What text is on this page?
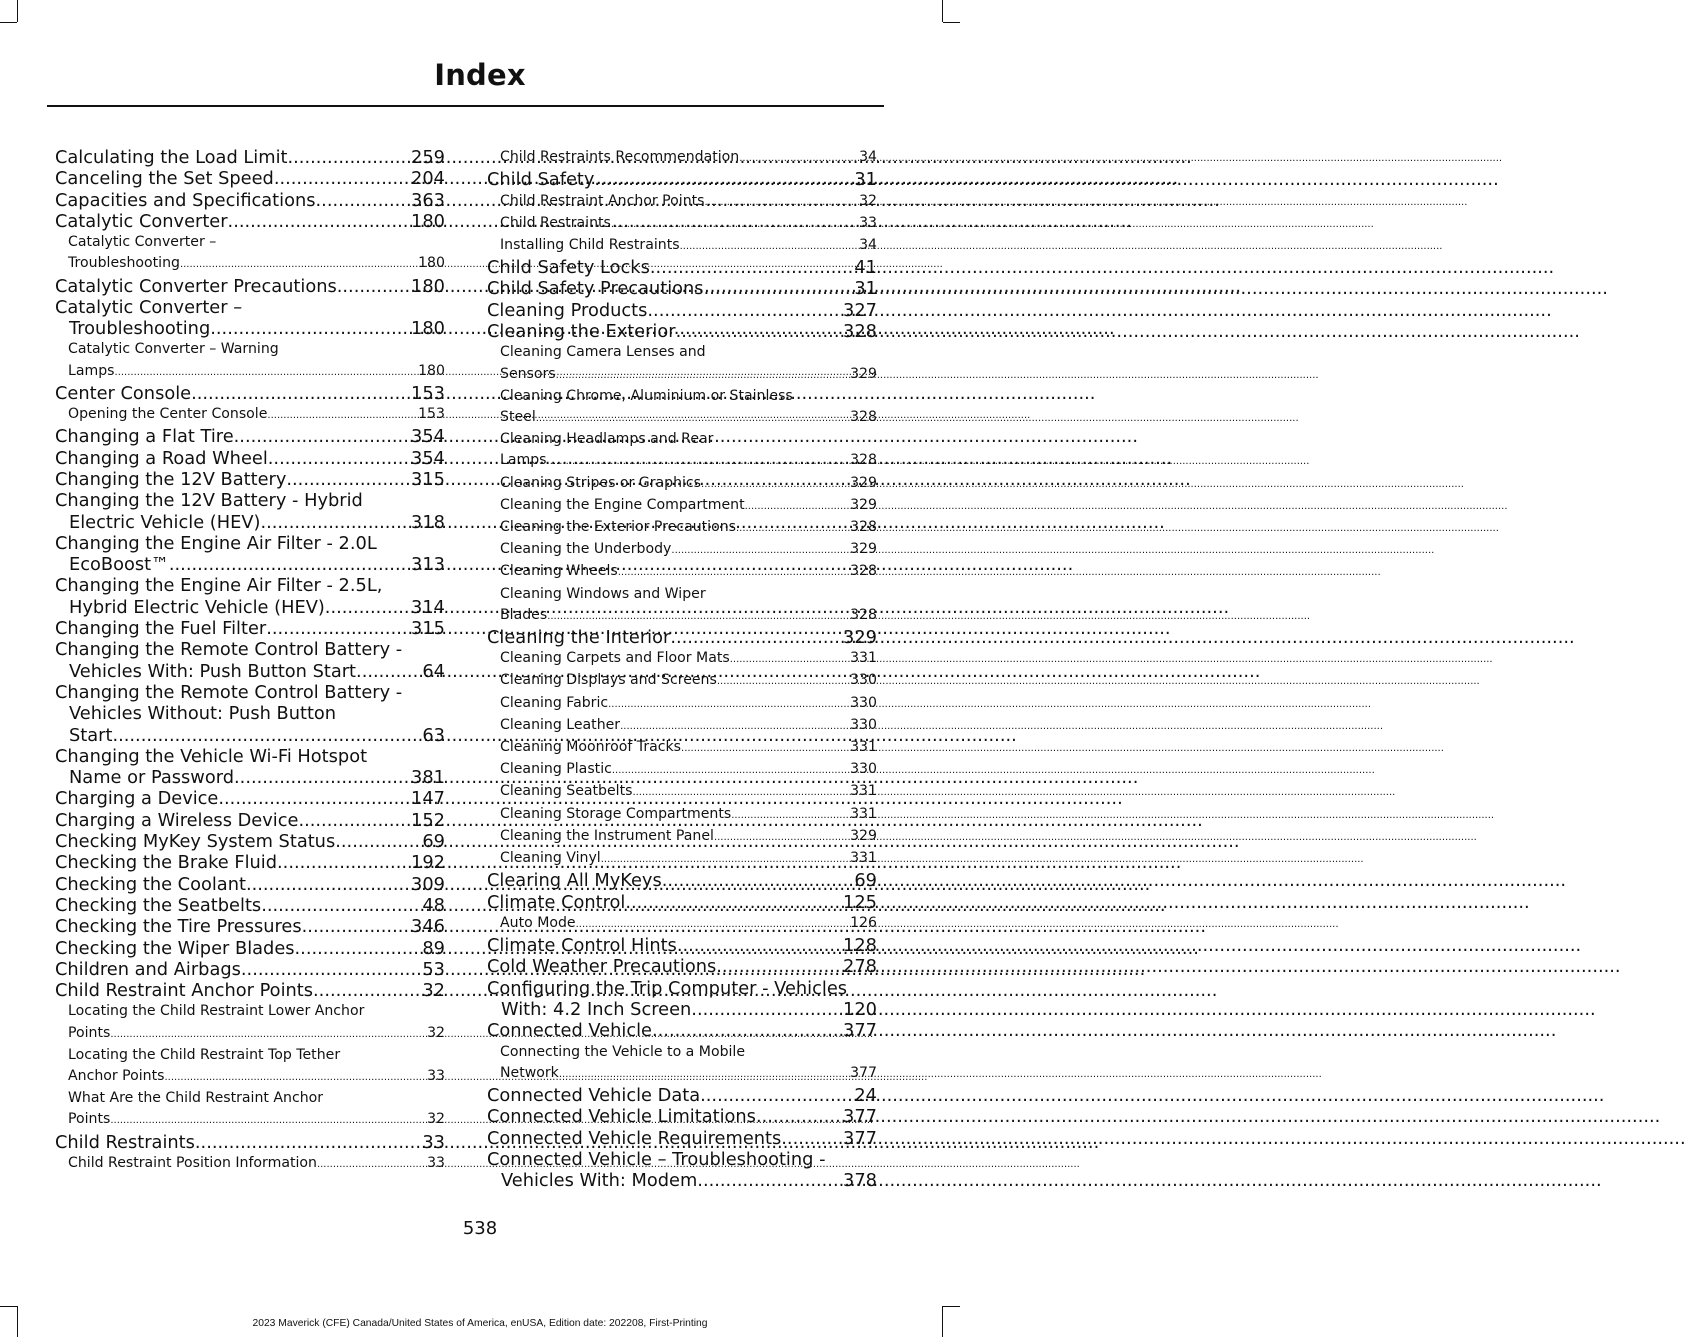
Index
Calculating the Load Limit .....	259
Canceling the Set Speed .....	204
Capacities and Specifications .....	363
Catalytic Converter .....	180
Catalytic Converter –
Troubleshooting .....	180
Catalytic Converter Precautions .....	180
Catalytic Converter –
Troubleshooting .....	180
Catalytic Converter – Warning
Lamps .....	180
Center Console .....	153
Opening the Center Console .....	153
Changing a Flat Tire .....	354
Changing a Road Wheel .....	354
Changing the 12V Battery .....	315
Changing the 12V Battery - Hybrid
Electric Vehicle (HEV) .....	318
Changing the Engine Air Filter - 2.0L
EcoBoost™ .....	313
Changing the Engine Air Filter - 2.5L,
Hybrid Electric Vehicle (HEV) .....	314
Changing the Fuel Filter .....	315
Changing the Remote Control Battery -
Vehicles With: Push Button Start .....	64
Changing the Remote Control Battery -
Vehicles Without: Push Button
Start .....	63
Changing the Vehicle Wi-Fi Hotspot
Name or Password .....	381
Charging a Device .....	147
Charging a Wireless Device .....	152
Checking MyKey System Status .....	69
Checking the Brake Fluid .....	192
Checking the Coolant .....	309
Checking the Seatbelts .....	48
Checking the Tire Pressures .....	346
Checking the Wiper Blades .....	89
Children and Airbags .....	53
Child Restraint Anchor Points .....	32
Locating the Child Restraint Lower Anchor
Points .....	32
Locating the Child Restraint Top Tether
Anchor Points .....	33
What Are the Child Restraint Anchor
Points .....	32
Child Restraints .....	33
Child Restraint Position Information .....	33
Child Restraints Recommendation .....	34
Child Safety .....	31
Child Restraint Anchor Points .....	32
Child Restraints .....	33
Installing Child Restraints .....	34
Child Safety Locks .....	41
Child Safety Precautions .....	31
Cleaning Products .....	327
Cleaning the Exterior .....	328
Cleaning Camera Lenses and
Sensors .....	329
Cleaning Chrome, Aluminium or Stainless
Steel .....	328
Cleaning Headlamps and Rear
Lamps .....	328
Cleaning Stripes or Graphics .....	329
Cleaning the Engine Compartment .....	329
Cleaning the Exterior Precautions .....	328
Cleaning the Underbody .....	329
Cleaning Wheels .....	328
Cleaning Windows and Wiper
Blades .....	328
Cleaning the Interior .....	329
Cleaning Carpets and Floor Mats .....	331
Cleaning Displays and Screens .....	330
Cleaning Fabric .....	330
Cleaning Leather .....	330
Cleaning Moonroof Tracks .....	331
Cleaning Plastic .....	330
Cleaning Seatbelts .....	331
Cleaning Storage Compartments .....	331
Cleaning the Instrument Panel .....	329
Cleaning Vinyl .....	331
Clearing All MyKeys .....	69
Climate Control .....	125
Auto Mode .....	126
Climate Control Hints .....	128
Cold Weather Precautions .....	278
Configuring the Trip Computer - Vehicles
With: 4.2 Inch Screen .....	120
Connected Vehicle .....	377
Connecting the Vehicle to a Mobile
Network .....	377
Connected Vehicle Data .....	24
Connected Vehicle Limitations .....	377
Connected Vehicle Requirements .....	377
Connected Vehicle – Troubleshooting -
Vehicles With: Modem .....	378
538
2023 Maverick (CFE) Canada/United States of America, enUSA, Edition date: 202208, First-Printing
